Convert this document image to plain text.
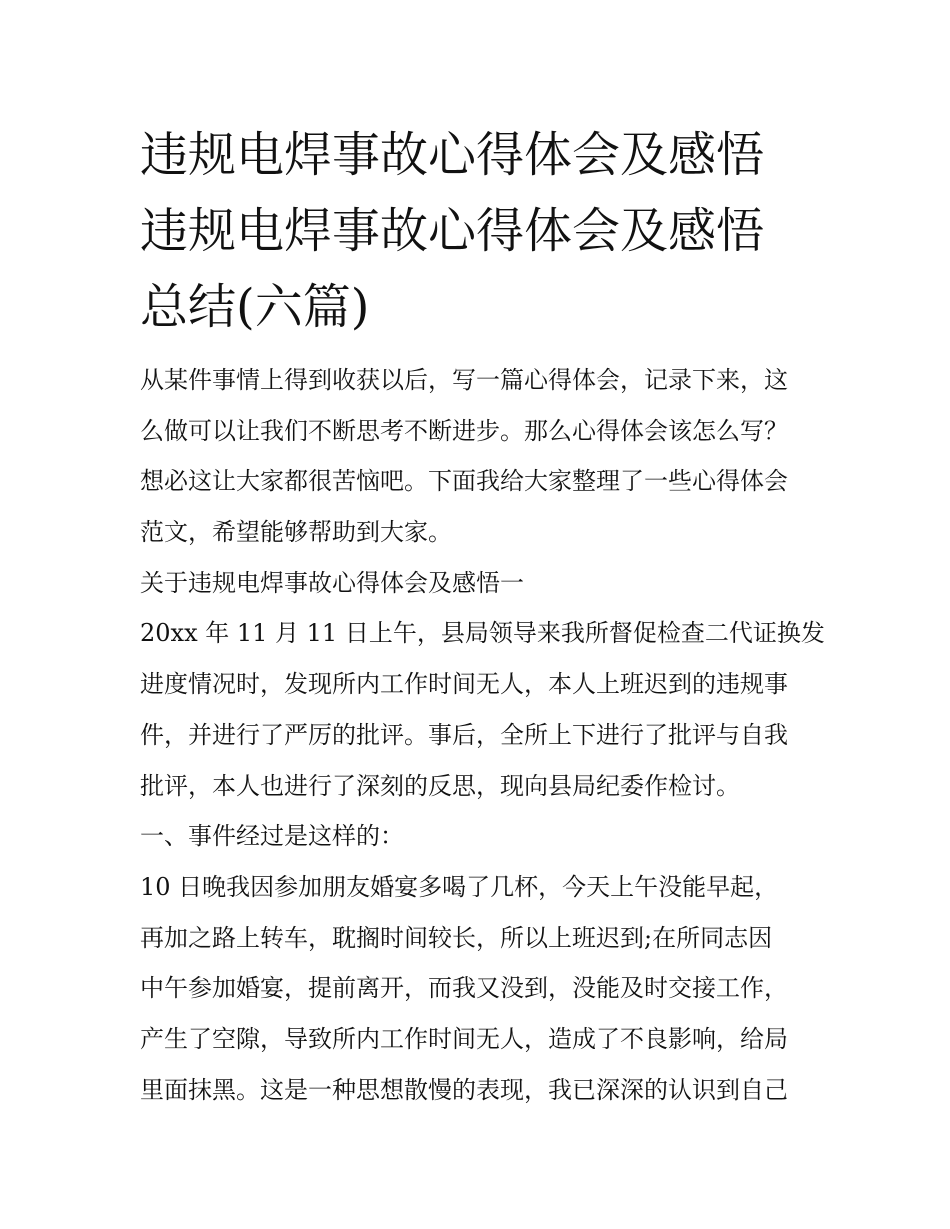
违规电焊事故心得体会及感悟
违规电焊事故心得体会及感悟
总结(六篇)
从某件事情上得到收获以后，写一篇心得体会，记录下来，这
么做可以让我们不断思考不断进步。那么心得体会该怎么写？
想必这让大家都很苦恼吧。下面我给大家整理了一些心得体会
范文，希望能够帮助到大家。
关于违规电焊事故心得体会及感悟一
20xx 年 11 月 11 日上午，县局领导来我所督促检查二代证换发
进度情况时，发现所内工作时间无人，本人上班迟到的违规事
件，并进行了严厉的批评。事后，全所上下进行了批评与自我
批评，本人也进行了深刻的反思，现向县局纪委作检讨。
一、事件经过是这样的：
10 日晚我因参加朋友婚宴多喝了几杯，今天上午没能早起，
再加之路上转车，耽搁时间较长，所以上班迟到;在所同志因
中午参加婚宴，提前离开，而我又没到，没能及时交接工作，
产生了空隙，导致所内工作时间无人，造成了不良影响，给局
里面抹黑。这是一种思想散慢的表现，我已深深的认识到自己
